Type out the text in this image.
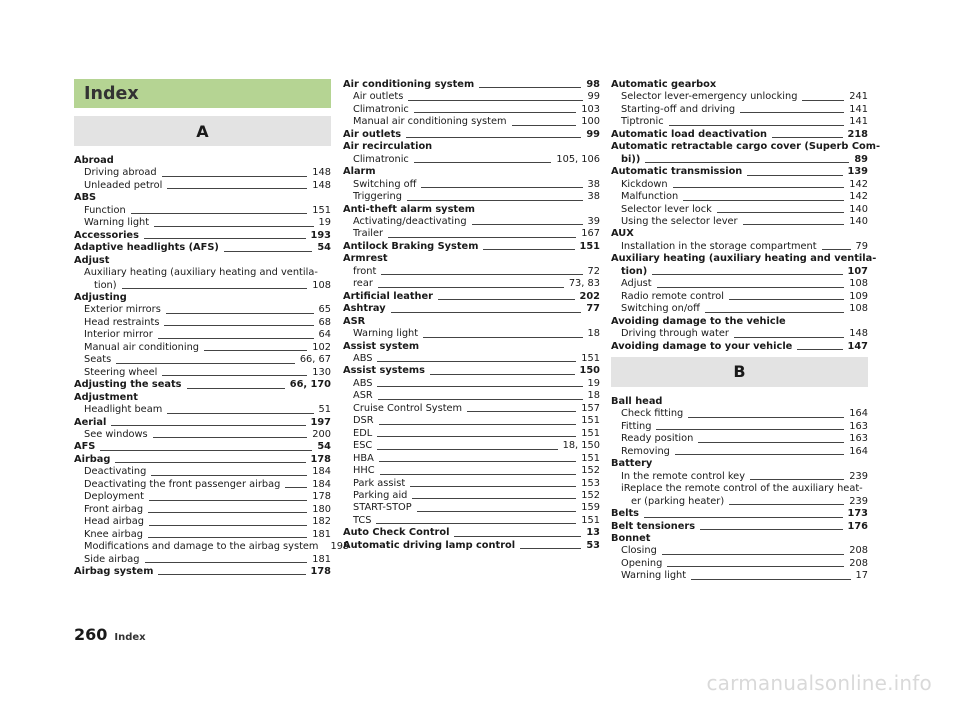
Index
A
Abroad
Driving abroad	148
Unleaded petrol	148
ABS
Function	151
Warning light	19
Accessories	193
Adaptive headlights (AFS)	54
Adjust
Auxiliary heating (auxiliary heating and ventila-
tion)	108
Adjusting
Exterior mirrors	65
Head restraints	68
Interior mirror	64
Manual air conditioning	102
Seats	66, 67
Steering wheel	130
Adjusting the seats	66, 170
Adjustment
Headlight beam	51
Aerial	197
See windows	200
AFS	54
Airbag	178
Deactivating	184
Deactivating the front passenger airbag	184
Deployment	178
Front airbag	180
Head airbag	182
Knee airbag	181
Modifications and damage to the airbag system 195
Side airbag	181
Airbag system	178
Air conditioning system	98
Air outlets	99
Climatronic	103
Manual air conditioning system	100
Air outlets	99
Air recirculation
Climatronic	105, 106
Alarm
Switching off	38
Triggering	38
Anti-theft alarm system
Activating/deactivating	39
Trailer	167
Antilock Braking System	151
Armrest
front	72
rear	73, 83
Artificial leather	202
Ashtray	77
ASR
Warning light	18
Assist system
ABS	151
Assist systems	150
ABS	19
ASR	18
Cruise Control System	157
DSR	151
EDL	151
ESC	18, 150
HBA	151
HHC	152
Park assist	153
Parking aid	152
START-STOP	159
TCS	151
Auto Check Control	13
Automatic driving lamp control	53
Automatic gearbox
Selector lever-emergency unlocking	241
Starting-off and driving	141
Tiptronic	141
Automatic load deactivation	218
Automatic retractable cargo cover (Superb Com-
bi))	89
Automatic transmission	139
Kickdown	142
Malfunction	142
Selector lever lock	140
Using the selector lever	140
AUX
Installation in the storage compartment	79
Auxiliary heating (auxiliary heating and ventila-
tion)	107
Adjust	108
Radio remote control	109
Switching on/off	108
Avoiding damage to the vehicle
Driving through water	148
Avoiding damage to your vehicle	147
B
Ball head
Check fitting	164
Fitting	163
Ready position	163
Removing	164
Battery
In the remote control key	239
iReplace the remote control of the auxiliary heat-
er (parking heater)	239
Belts	173
Belt tensioners	176
Bonnet
Closing	208
Opening	208
Warning light	17
260 Index
carmanualsonline.info
